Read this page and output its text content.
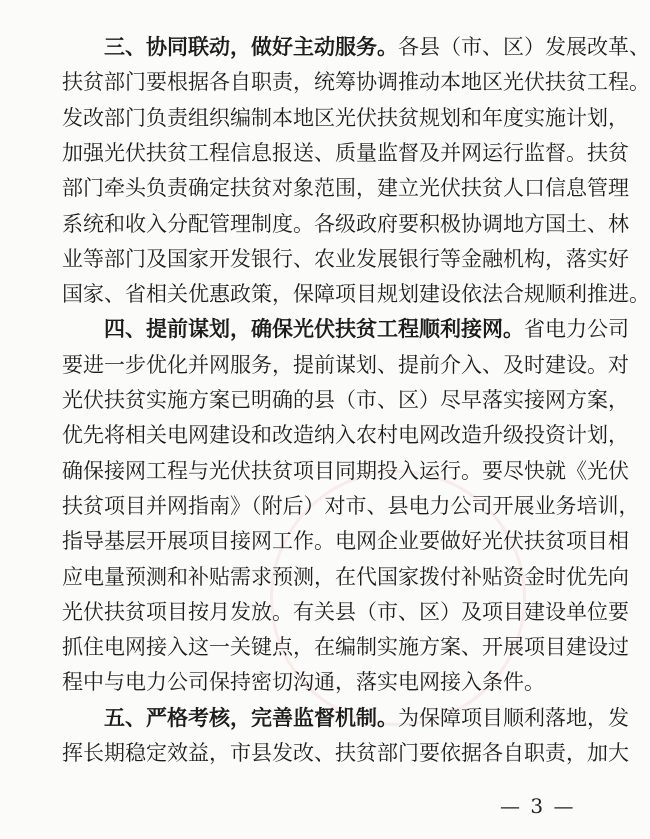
三、协同联动，做好主动服务。各县（市、区）发展改革、
扶贫部门要根据各自职责，统筹协调推动本地区光伏扶贫工程。
发改部门负责组织编制本地区光伏扶贫规划和年度实施计划，
加强光伏扶贫工程信息报送、质量监督及并网运行监督。扶贫
部门牵头负责确定扶贫对象范围，建立光伏扶贫人口信息管理
系统和收入分配管理制度。各级政府要积极协调地方国土、林
业等部门及国家开发银行、农业发展银行等金融机构，落实好
国家、省相关优惠政策，保障项目规划建设依法合规顺利推进。
四、提前谋划，确保光伏扶贫工程顺利接网。省电力公司
要进一步优化并网服务，提前谋划、提前介入、及时建设。对
光伏扶贫实施方案已明确的县（市、区）尽早落实接网方案，
优先将相关电网建设和改造纳入农村电网改造升级投资计划，
确保接网工程与光伏扶贫项目同期投入运行。要尽快就《光伏
扶贫项目并网指南》（附后）对市、县电力公司开展业务培训，
指导基层开展项目接网工作。电网企业要做好光伏扶贫项目相
应电量预测和补贴需求预测，在代国家拨付补贴资金时优先向
光伏扶贫项目按月发放。有关县（市、区）及项目建设单位要
抓住电网接入这一关键点，在编制实施方案、开展项目建设过
程中与电力公司保持密切沟通，落实电网接入条件。
五、严格考核，完善监督机制。为保障项目顺利落地，发
挥长期稳定效益，市县发改、扶贫部门要依据各自职责，加大
— 3 —
